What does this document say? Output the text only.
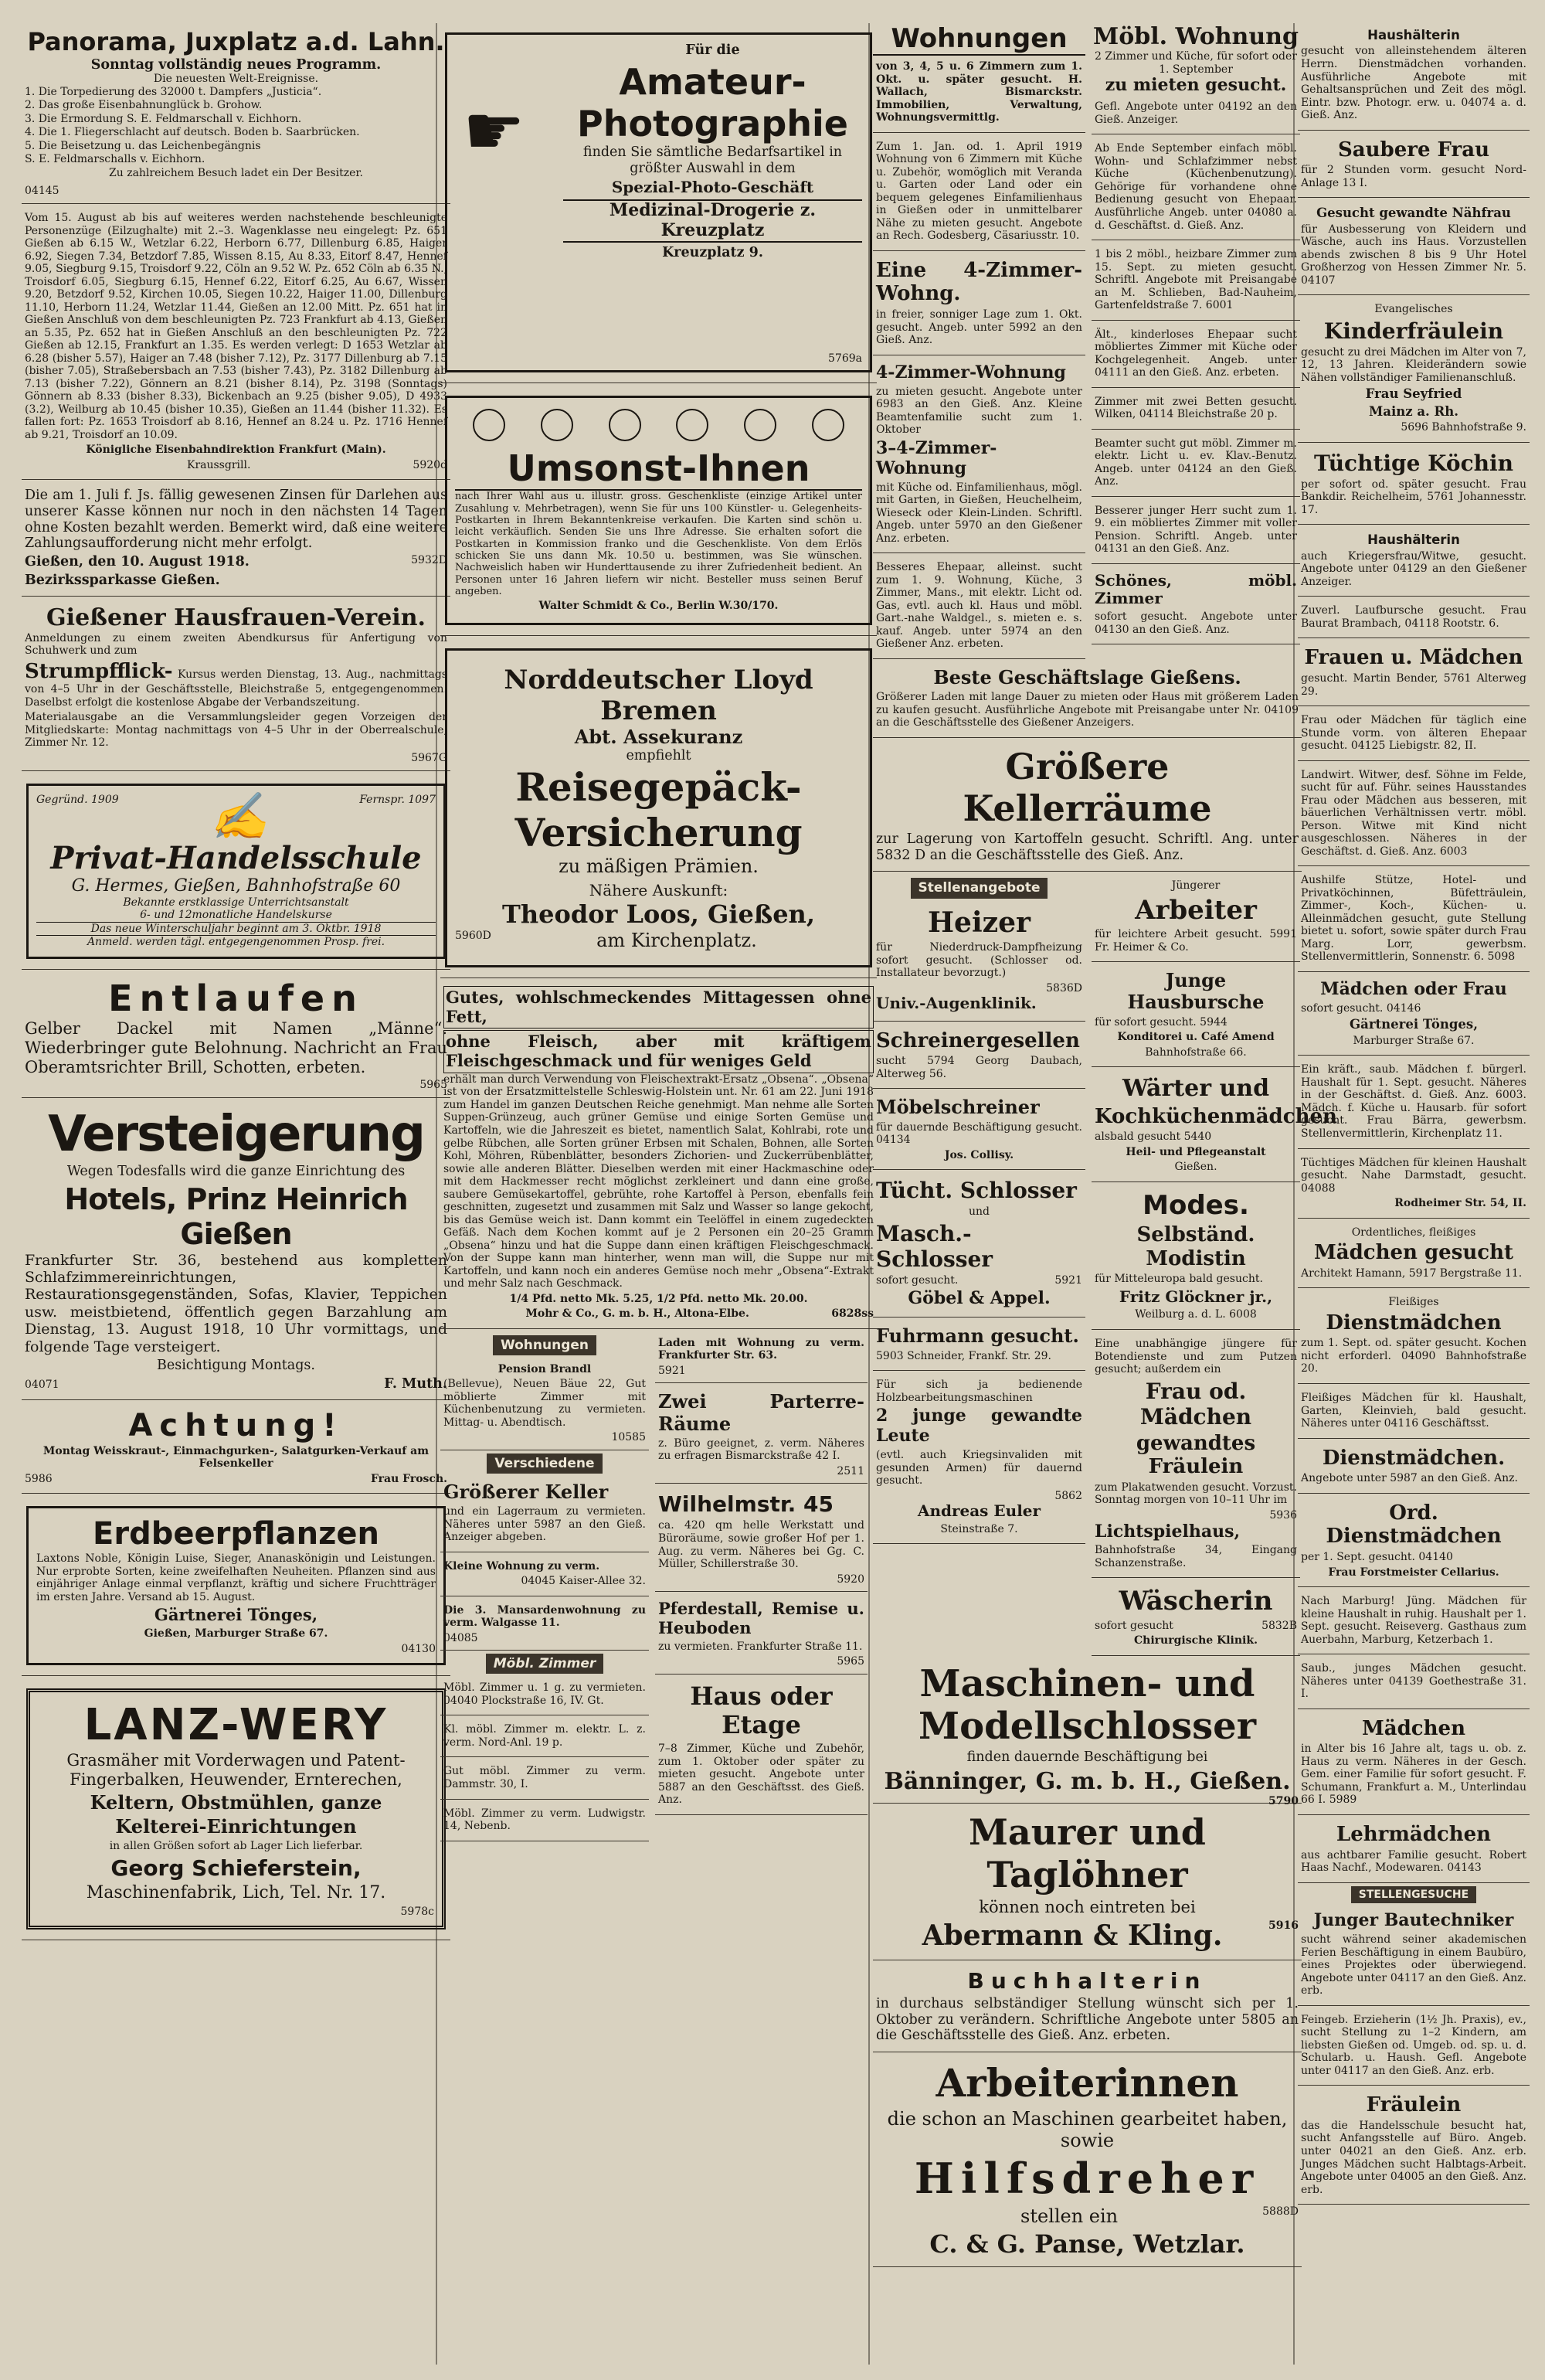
Panorama, Juxplatz a.d. Lahn.
Sonntag vollständig neues Programm.
Die neuesten Welt-Ereignisse.

1. Die Torpedierung des 32000 t. Dampfers „Justicia“.

2. Das große Eisenbahnunglück b. Grohow.

3. Die Ermordung S. E. Feldmarschall v. Eichhorn.

4. Die 1. Fliegerschlacht auf deutsch. Boden b. Saarbrücken.

5. Die Beisetzung u. das Leichenbegängnis

S. E. Feldmarschalls v. Eichhorn.

Zu zahlreichem Besuch ladet ein Der Besitzer.

04145

Vom 15. August ab bis auf weiteres werden nachstehende beschleunigte Personenzüge (Eilzughalte) mit 2.–3. Wagenklasse neu eingelegt: Pz. 651 Gießen ab 6.15 W., Wetzlar 6.22, Herborn 6.77, Dillenburg 6.85, Haiger 6.92, Siegen 7.34, Betzdorf 7.85, Wissen 8.15, Au 8.33, Eitorf 8.47, Hennef 9.05, Siegburg 9.15, Troisdorf 9.22, Cöln an 9.52 W. Pz. 652 Cöln ab 6.35 N., Troisdorf 6.05, Siegburg 6.15, Hennef 6.22, Eitorf 6.25, Au 6.67, Wissen 9.20, Betzdorf 9.52, Kirchen 10.05, Siegen 10.22, Haiger 11.00, Dillenburg 11.10, Herborn 11.24, Wetzlar 11.44, Gießen an 12.00 Mitt. Pz. 651 hat in Gießen Anschluß von dem beschleunigten Pz. 723 Frankfurt ab 4.13, Gießen an 5.35, Pz. 652 hat in Gießen Anschluß an den beschleunigten Pz. 722 Gießen ab 12.15, Frankfurt an 1.35. Es werden verlegt: D 1653 Wetzlar ab 6.28 (bisher 5.57), Haiger an 7.48 (bisher 7.12), Pz. 3177 Dillenburg ab 7.15 (bisher 7.05), Straßebersbach an 7.53 (bisher 7.43), Pz. 3182 Dillenburg ab 7.13 (bisher 7.22), Gönnern an 8.21 (bisher 8.14), Pz. 3198 (Sonntags) Gönnern ab 8.33 (bisher 8.33), Bickenbach an 9.25 (bisher 9.05), D 4933 (3.2), Weilburg ab 10.45 (bisher 10.35), Gießen an 11.44 (bisher 11.32). Es fallen fort: Pz. 1653 Troisdorf ab 8.16, Hennef an 8.24 u. Pz. 1716 Hennef ab 9.21, Troisdorf an 10.09.

Königliche Eisenbahndirektion Frankfurt (Main).

Kraussgrill.	5920d

Die am 1. Juli f. Js. fällig gewesenen Zinsen für Darlehen aus unserer Kasse können nur noch in den nächsten 14 Tagen ohne Kosten bezahlt werden. Bemerkt wird, daß eine weitere Zahlungsaufforderung nicht mehr erfolgt.

Gießen, den 10. August 1918.	5932D

Bezirkssparkasse Gießen.

Gießener Hausfrauen-Verein.

Anmeldungen zu einem zweiten Abendkursus für Anfertigung von Schuhwerk und zum

Strumpfflick- Kursus werden Dienstag, 13. Aug., nachmittags von 4–5 Uhr in der Geschäftsstelle, Bleichstraße 5, entgegengenommen. Daselbst erfolgt die kostenlose Abgabe der Verbandszeitung.

Materialausgabe an die Versammlungsleider gegen Vorzeigen der Mitgliedskarte: Montag nachmittags von 4–5 Uhr in der Oberrealschule, Zimmer Nr. 12.

5967G
Gegründ. 1909 ✍	Fernspr. 1097
Privat-Handelsschule
G. Hermes, Gießen, Bahnhofstraße 60
Bekannte erstklassige Unterrichtsanstalt
6- und 12monatliche Handelskurse
Das neue Winterschuljahr beginnt am 3. Oktbr. 1918
Anmeld. werden tägl. entgegengenommen Prosp. frei.
Entlaufen

Gelber Dackel mit Namen „Männe“. Wiederbringer gute Belohnung. Nachricht an Frau Oberamtsrichter Brill, Schotten, erbeten.

5965
Versteigerung

Wegen Todesfalls wird die ganze Einrichtung des

Hotels, Prinz Heinrich Gießen

Frankfurter Str. 36, bestehend aus kompletten Schlafzimmereinrichtungen, Restaurationsgegenständen, Sofas, Klavier, Teppichen usw. meistbietend, öffentlich gegen Barzahlung am Dienstag, 13. August 1918, 10 Uhr vormittags, und folgende Tage versteigert.

Besichtigung Montags.

04071	F. Muth.

Achtung!

Montag Weisskraut-, Einmachgurken-, Salatgurken-Verkauf am Felsenkeller

5986	Frau Frosch.

Erdbeerpflanzen

Laxtons Noble, Königin Luise, Sieger, Ananaskönigin und Leistungen. Nur erprobte Sorten, keine zweifelhaften Neuheiten. Pflanzen sind aus einjähriger Anlage einmal verpflanzt, kräftig und sichere Fruchtträger im ersten Jahre. Versand ab 15. August.

Gärtnerei Tönges,

Gießen, Marburger Straße 67.

04130
LANZ-WERY

Grasmäher mit Vorderwagen und Patent-Fingerbalken, Heuwender, Ernterechen,

Keltern, Obstmühlen, ganze

Kelterei-Einrichtungen

in allen Größen sofort ab Lager Lich lieferbar.

Georg Schieferstein,

Maschinenfabrik, Lich, Tel. Nr. 17.

5978c
☛

Für die

Amateur-
Photographie

finden Sie sämtliche Bedarfsartikel in größter Auswahl in dem

Spezial-Photo-Geschäft

Medizinal-Drogerie z. Kreuzplatz

Kreuzplatz 9.

5769a
Umsonst-Ihnen

nach Ihrer Wahl aus u. illustr. gross. Geschenkliste (einzige Artikel unter Zusahlung v. Mehrbetragen), wenn Sie für uns 100 Künstler- u. Gelegenheits-Postkarten in Ihrem Bekanntenkreise verkaufen. Die Karten sind schön u. leicht verkäuflich. Senden Sie uns Ihre Adresse. Sie erhalten sofort die Postkarten in Kommission franko und die Geschenkliste. Von dem Erlös schicken Sie uns dann Mk. 10.50 u. bestimmen, was Sie wünschen. Nachweislich haben wir Hunderttausende zu ihrer Zufriedenheit bedient. An Personen unter 16 Jahren liefern wir nicht. Besteller muss seinen Beruf angeben.

Walter Schmidt & Co., Berlin W.30/170.

Norddeutscher Lloyd
Bremen
Abt. Assekuranz
empfiehlt
Reisegepäck-
Versicherung
zu mäßigen Prämien.
Nähere Auskunft:
Theodor Loos, Gießen,
5960D	am Kirchenplatz.
Gutes, wohlschmeckendes Mittagessen ohne Fett,
ohne Fleisch, aber mit kräftigem Fleischgeschmack und für weniges Geld

erhält man durch Verwendung von Fleischextrakt-Ersatz „Obsena“. „Obsena“ ist von der Ersatzmittelstelle Schleswig-Holstein unt. Nr. 61 am 22. Juni 1918 zum Handel im ganzen Deutschen Reiche genehmigt. Man nehme alle Sorten Suppen-Grünzeug, auch grüner Gemüse und einige Sorten Gemüse und Kartoffeln, wie die Jahreszeit es bietet, namentlich Salat, Kohlrabi, rote und gelbe Rübchen, alle Sorten grüner Erbsen mit Schalen, Bohnen, alle Sorten Kohl, Möhren, Rübenblätter, besonders Zichorien- und Zuckerrübenblätter, sowie alle anderen Blätter. Dieselben werden mit einer Hackmaschine oder mit dem Hackmesser recht möglichst zerkleinert und dann eine große, saubere Gemüsekartoffel, gebrühte, rohe Kartoffel à Person, ebenfalls fein geschnitten, zugesetzt und zusammen mit Salz und Wasser so lange gekocht, bis das Gemüse weich ist. Dann kommt ein Teelöffel in einem zugedeckten Gefäß. Nach dem Kochen kommt auf je 2 Personen ein 20–25 Gramm „Obsena“ hinzu und hat die Suppe dann einen kräftigen Fleischgeschmack. Von der Suppe kann man hinterher, wenn man will, die Suppe nur mit Kartoffeln, und kann noch ein anderes Gemüse noch mehr „Obsena“-Extrakt und mehr Salz nach Geschmack.

1/4 Pfd. netto Mk. 5.25, 1/2 Pfd. netto Mk. 20.00.

Mohr & Co., G. m. b. H., Altona-Elbe.	6828ss

Wohnungen

Pension Brandl

(Bellevue), Neuen Bäue 22, Gut möblierte Zimmer mit Küchenbenutzung zu vermieten. Mittag- u. Abendtisch.

10585
Verschiedene

Größerer Keller

und ein Lagerraum zu vermieten. Näheres unter 5987 an den Gieß. Anzeiger abgeben.

Kleine Wohnung zu verm.

04045 Kaiser-Allee 32.

Die 3. Mansardenwohnung zu verm. Walgasse 11.

04085
Möbl. Zimmer

Möbl. Zimmer u. 1 g. zu vermieten. 04040 Plockstraße 16, IV. Gt.

Kl. möbl. Zimmer m. elektr. L. z. verm. Nord-Anl. 19 p.

Gut möbl. Zimmer zu verm. Dammstr. 30, I.

Möbl. Zimmer zu verm. Ludwigstr. 14, Nebenb.

Laden mit Wohnung zu verm. Frankfurter Str. 63.

5921

Zwei Parterre-Räume

z. Büro geeignet, z. verm. Näheres zu erfragen Bismarckstraße 42 I.

2511

Wilhelmstr. 45

ca. 420 qm helle Werkstatt und Büroräume, sowie großer Hof per 1. Aug. zu verm. Näheres bei Gg. C. Müller, Schillerstraße 30.

5920

Pferdestall, Remise u. Heuboden

zu vermieten. Frankfurter Straße 11.

5965

Haus oder Etage

7–8 Zimmer, Küche und Zubehör, zum 1. Oktober oder später zu mieten gesucht. Angebote unter 5887 an den Geschäftsst. des Gieß. Anz.

Wohnungen

von 3, 4, 5 u. 6 Zimmern zum 1. Okt. u. später gesucht. H. Wallach, Bismarckstr. Immobilien, Verwaltung, Wohnungsvermittlg.

Zum 1. Jan. od. 1. April 1919 Wohnung von 6 Zimmern mit Küche u. Zubehör, womöglich mit Veranda u. Garten oder Land oder ein bequem gelegenes Einfamilienhaus in Gießen oder in unmittelbarer Nähe zu mieten gesucht. Angebote an Rech. Godesberg, Cäsariusstr. 10.

Eine 4-Zimmer-Wohng.

in freier, sonniger Lage zum 1. Okt. gesucht. Angeb. unter 5992 an den Gieß. Anz.

4-Zimmer-Wohnung

zu mieten gesucht. Angebote unter 6983 an den Gieß. Anz. Kleine Beamtenfamilie sucht zum 1. Oktober

3–4-Zimmer-Wohnung

mit Küche od. Einfamilienhaus, mögl. mit Garten, in Gießen, Heuchelheim, Wieseck oder Klein-Linden. Schriftl. Angeb. unter 5970 an den Gießener Anz. erbeten.

Besseres Ehepaar, alleinst. sucht zum 1. 9. Wohnung, Küche, 3 Zimmer, Mans., mit elektr. Licht od. Gas, evtl. auch kl. Haus und möbl. Gart.-nahe Waldgel., s. mieten e. s. kauf. Angeb. unter 5974 an den Gießener Anz. erbeten.

Möbl. Wohnung

2 Zimmer und Küche, für sofort oder 1. September

zu mieten gesucht.

Gefl. Angebote unter 04192 an den Gieß. Anzeiger.

Ab Ende September einfach möbl. Wohn- und Schlafzimmer nebst Küche (Küchenbenutzung). Gehörige für vorhandene ohne Bedienung gesucht von Ehepaar. Ausführliche Angeb. unter 04080 a. d. Geschäftst. d. Gieß. Anz.

1 bis 2 möbl., heizbare Zimmer zum 15. Sept. zu mieten gesucht. Schriftl. Angebote mit Preisangabe an M. Schlieben, Bad-Nauheim, Gartenfeldstraße 7. 6001

Ält., kinderloses Ehepaar sucht möbliertes Zimmer mit Küche oder Kochgelegenheit. Angeb. unter 04111 an den Gieß. Anz. erbeten.

Zimmer mit zwei Betten gesucht. Wilken, 04114 Bleichstraße 20 p.

Beamter sucht gut möbl. Zimmer m. elektr. Licht u. ev. Klav.-Benutz. Angeb. unter 04124 an den Gieß. Anz.

Besserer junger Herr sucht zum 1. 9. ein möbliertes Zimmer mit voller Pension. Schriftl. Angeb. unter 04131 an den Gieß. Anz.

Schönes, möbl. Zimmer

sofort gesucht. Angebote unter 04130 an den Gieß. Anz.

Beste Geschäftslage Gießens.

Größerer Laden mit lange Dauer zu mieten oder Haus mit größerem Laden zu kaufen gesucht. Ausführliche Angebote mit Preisangabe unter Nr. 04109 an die Geschäftsstelle des Gießener Anzeigers.

Größere Kellerräume

zur Lagerung von Kartoffeln gesucht. Schriftl. Ang. unter 5832 D an die Geschäftsstelle des Gieß. Anz.

Stellenangebote

Heizer

für Niederdruck-Dampfheizung sofort gesucht. (Schlosser od. Installateur bevorzugt.)

5836D

Univ.-Augenklinik.

Schreinergesellen

sucht 5794 Georg Daubach, Alterweg 56.

Möbelschreiner

für dauernde Beschäftigung gesucht. 04134

Jos. Collisy.

Tücht. Schlosser

und

Masch.-Schlosser

sofort gesucht.	5921

Göbel & Appel.

Fuhrmann gesucht.

5903 Schneider, Frankf. Str. 29.

Für sich ja bedienende Holzbearbeitungsmaschinen

2 junge gewandte Leute

(evtl. auch Kriegsinvaliden mit gesunden Armen) für dauernd gesucht.

5862

Andreas Euler

Steinstraße 7.

Jüngerer

Arbeiter

für leichtere Arbeit gesucht. 5991 Fr. Heimer & Co.

Junge Hausbursche

für sofort gesucht. 5944

Konditorei u. Café Amend

Bahnhofstraße 66.

Wärter und

Kochküchenmädchen

alsbald gesucht 5440

Heil- und Pflegeanstalt

Gießen.

Modes.

Selbständ. Modistin

für Mitteleuropa bald gesucht.

Fritz Glöckner jr.,

Weilburg a. d. L. 6008

Eine unabhängige jüngere für Botendienste und zum Putzen gesucht; außerdem ein

Frau od. Mädchen

gewandtes Fräulein

zum Plakatwenden gesucht. Vorzust. Sonntag morgen von 10–11 Uhr im

5936

Lichtspielhaus,

Bahnhofstraße 34, Eingang Schanzenstraße.

Wäscherin

sofort gesucht	5832B

Chirurgische Klinik.

Maschinen- und

Modellschlosser

finden dauernde Beschäftigung bei

Bänninger, G. m. b. H., Gießen.
5790

Maurer und Taglöhner

können noch eintreten bei

Abermann & Kling.	5916

Buchhalterin

in durchaus selbständiger Stellung wünscht sich per 1. Oktober zu verändern. Schriftliche Angebote unter 5805 an die Geschäftsstelle des Gieß. Anz. erbeten.

Arbeiterinnen

die schon an Maschinen gearbeitet haben, sowie

Hilfsdreher

stellen ein	5888D

C. & G. Panse, Wetzlar.

Haushälterin

gesucht von alleinstehendem älteren Herrn. Dienstmädchen vorhanden. Ausführliche Angebote mit Gehaltsansprüchen und Zeit des mögl. Eintr. bzw. Photogr. erw. u. 04074 a. d. Gieß. Anz.

Saubere Frau

für 2 Stunden vorm. gesucht Nord-Anlage 13 I.

Gesucht gewandte Nähfrau

für Ausbesserung von Kleidern und Wäsche, auch ins Haus. Vorzustellen abends zwischen 8 bis 9 Uhr Hotel Großherzog von Hessen Zimmer Nr. 5. 04107

Evangelisches

Kinderfräulein

gesucht zu drei Mädchen im Alter von 7, 12, 13 Jahren. Kleiderändern sowie Nähen vollständiger Familienanschluß.

Frau Seyfried

Mainz a. Rh.

5696 Bahnhofstraße 9.

Tüchtige Köchin

per sofort od. später gesucht. Frau Bankdir. Reichelheim, 5761 Johannesstr. 17.

Haushälterin

auch Kriegersfrau/Witwe, gesucht. Angebote unter 04129 an den Gießener Anzeiger.

Zuverl. Laufbursche gesucht. Frau Baurat Brambach, 04118 Rootstr. 6.

Frauen u. Mädchen

gesucht. Martin Bender, 5761 Alterweg 29.

Frau oder Mädchen für täglich eine Stunde vorm. von älteren Ehepaar gesucht. 04125 Liebigstr. 82, II.

Landwirt. Witwer, desf. Söhne im Felde, sucht für auf. Führ. seines Hausstandes Frau oder Mädchen aus besseren, mit bäuerlichen Verhältnissen vertr. möbl. Person. Witwe mit Kind nicht ausgeschlossen. Näheres in der Geschäftst. d. Gieß. Anz. 6003

Aushilfe Stütze, Hotel- und Privatköchinnen, Büfetträulein, Zimmer-, Koch-, Küchen- u. Alleinmädchen gesucht, gute Stellung bietet u. sofort, sowie später durch Frau Marg. Lorr, gewerbsm. Stellenvermittlerin, Sonnenstr. 6. 5098

Mädchen oder Frau

sofort gesucht. 04146

Gärtnerei Tönges,

Marburger Straße 67.

Ein kräft., saub. Mädchen f. bürgerl. Haushalt für 1. Sept. gesucht. Näheres in der Geschäftst. d. Gieß. Anz. 6003. Mädch. f. Küche u. Hausarb. für sofort gesucht. Frau Bärra, gewerbsm. Stellenvermittlerin, Kirchenplatz 11.

Tüchtiges Mädchen für kleinen Haushalt gesucht. Nahe Darmstadt, gesucht. 04088

Rodheimer Str. 54, II.

Ordentliches, fleißiges

Mädchen gesucht

Architekt Hamann, 5917 Bergstraße 11.

Fleißiges

Dienstmädchen

zum 1. Sept. od. später gesucht. Kochen nicht erforderl. 04090 Bahnhofstraße 20.

Fleißiges Mädchen für kl. Haushalt, Garten, Kleinvieh, bald gesucht. Näheres unter 04116 Geschäftsst.

Dienstmädchen.

Angebote unter 5987 an den Gieß. Anz.

Ord. Dienstmädchen

per 1. Sept. gesucht. 04140

Frau Forstmeister Cellarius.

Nach Marburg! Jüng. Mädchen für kleine Haushalt in ruhig. Haushalt per 1. Sept. gesucht. Reiseverg. Gasthaus zum Auerbahn, Marburg, Ketzerbach 1.

Saub., junges Mädchen gesucht. Näheres unter 04139 Goethestraße 31. I.

Mädchen

in Alter bis 16 Jahre alt, tags u. ob. z. Haus zu verm. Näheres in der Gesch. Gem. einer Familie für sofort gesucht. F. Schumann, Frankfurt a. M., Unterlindau 66 I. 5989

Lehrmädchen

aus achtbarer Familie gesucht. Robert Haas Nachf., Modewaren. 04143

STELLENGESUCHE

Junger Bautechniker

sucht während seiner akademischen Ferien Beschäftigung in einem Baubüro, eines Projektes oder überwiegend. Angebote unter 04117 an den Gieß. Anz. erb.

Feingeb. Erzieherin (1½ Jh. Praxis), ev., sucht Stellung zu 1–2 Kindern, am liebsten Gießen od. Umgeb. od. sp. u. d. Schularb. u. Haush. Gefl. Angebote unter 04117 an den Gieß. Anz. erb.

Fräulein

das die Handelsschule besucht hat, sucht Anfangsstelle auf Büro. Angeb. unter 04021 an den Gieß. Anz. erb. Junges Mädchen sucht Halbtags-Arbeit. Angebote unter 04005 an den Gieß. Anz. erb.
